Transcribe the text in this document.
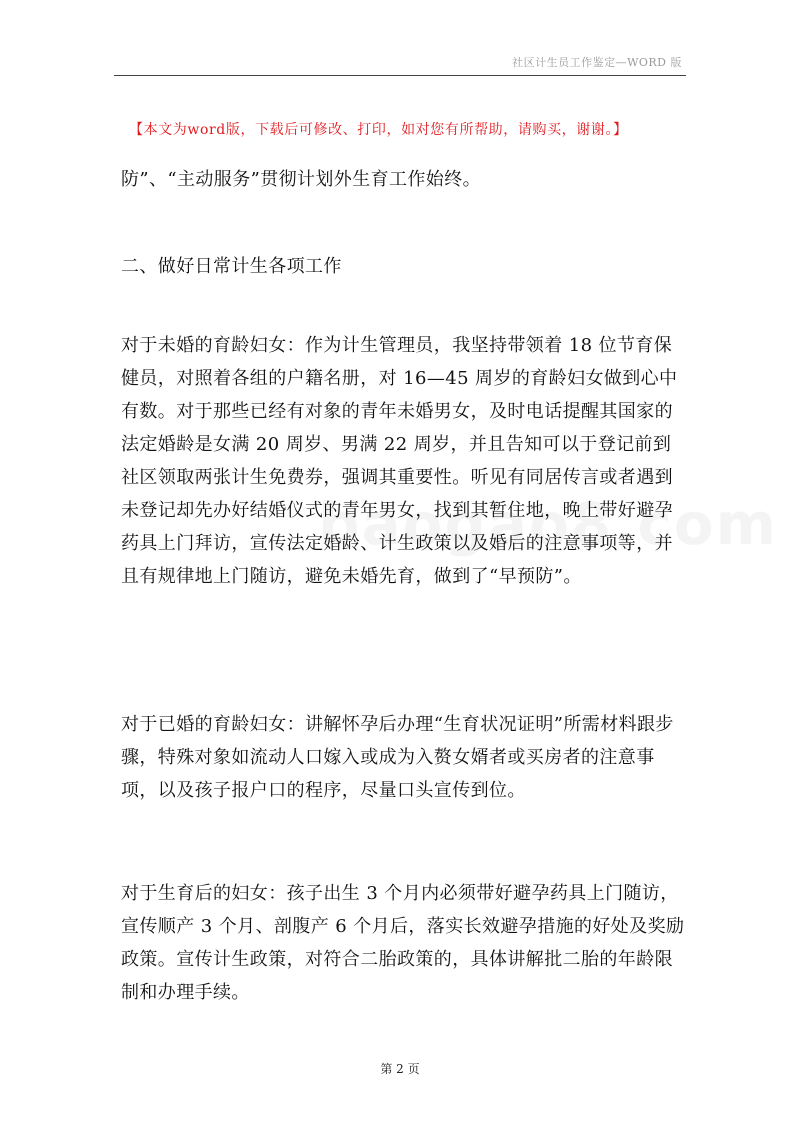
社区计生员工作鉴定—WORD 版
【本文为word版，下载后可修改、打印，如对您有所帮助，请购买，谢谢。】

防”、“主动服务”贯彻计划外生育工作始终。

二、做好日常计生各项工作

对于未婚的育龄妇女：作为计生管理员，我坚持带领着 18 位节育保健员，对照着各组的户籍名册，对 16—45 周岁的育龄妇女做到心中有数。对于那些已经有对象的青年未婚男女，及时电话提醒其国家的法定婚龄是女满 20 周岁、男满 22 周岁，并且告知可以于登记前到社区领取两张计生免费券，强调其重要性。听见有同居传言或者遇到未登记却先办好结婚仪式的青年男女，找到其暂住地，晚上带好避孕药具上门拜访，宣传法定婚龄、计生政策以及婚后的注意事项等，并且有规律地上门随访，避免未婚先育，做到了“早预防”。

对于已婚的育龄妇女：讲解怀孕后办理“生育状况证明”所需材料跟步骤，特殊对象如流动人口嫁入或成为入赘女婿者或买房者的注意事项，以及孩子报户口的程序，尽量口头宣传到位。

对于生育后的妇女：孩子出生 3 个月内必须带好避孕药具上门随访，宣传顺产 3 个月、剖腹产 6 个月后，落实长效避孕措施的好处及奖励政策。宣传计生政策，对符合二胎政策的，具体讲解批二胎的年龄限制和办理手续。

第 2 页
